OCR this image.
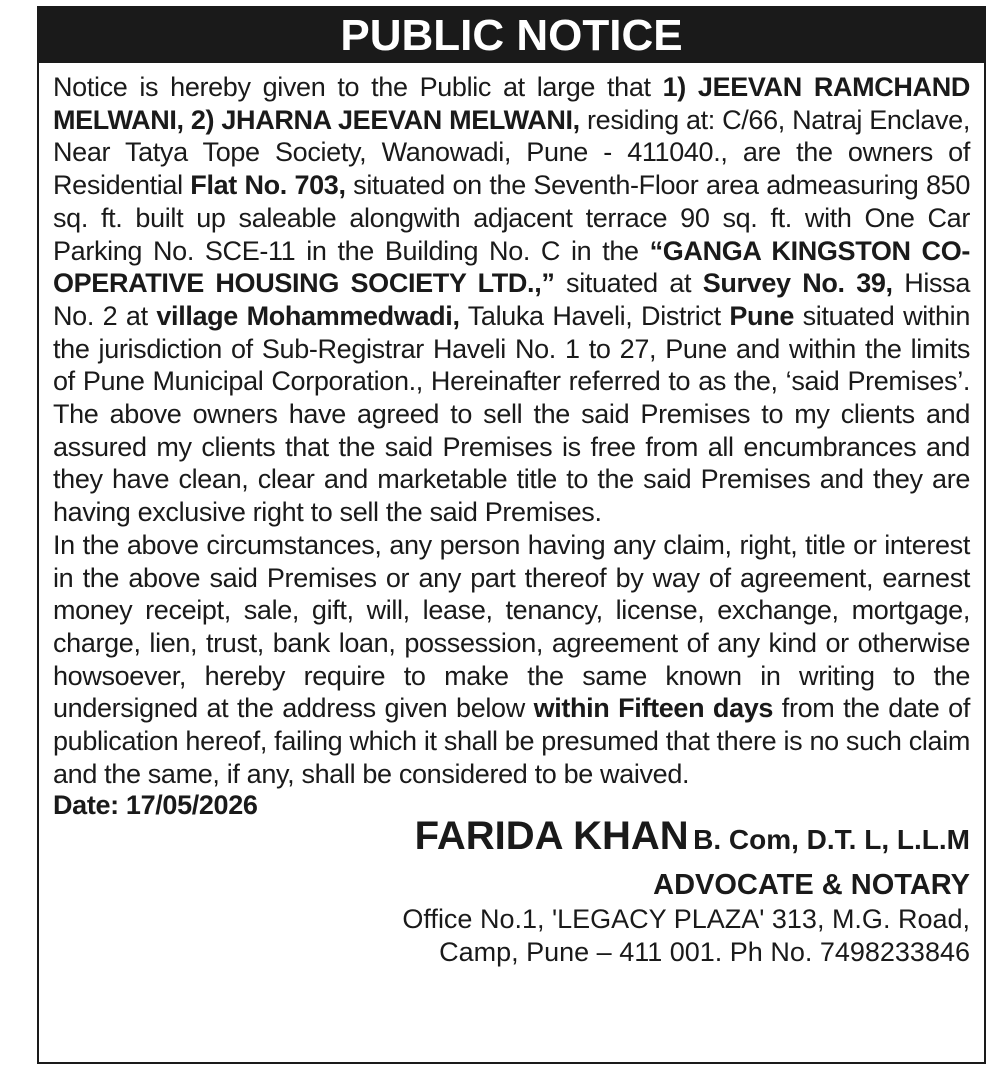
PUBLIC NOTICE

Notice is hereby given to the Public at large that 1) JEEVAN RAMCHAND MELWANI, 2) JHARNA JEEVAN MELWANI, residing at: C/66, Natraj Enclave, Near Tatya Tope Society, Wanowadi, Pune - 411040., are the owners of Residential Flat No. 703, situated on the Seventh-Floor area admeasuring 850 sq. ft. built up saleable alongwith adjacent terrace 90 sq. ft. with One Car Parking No. SCE-11 in the Building No. C in the “GANGA KINGSTON CO-OPERATIVE HOUSING SOCIETY LTD.,” situated at Survey No. 39, Hissa No. 2 at village Mohammedwadi, Taluka Haveli, District Pune situated within the jurisdiction of Sub-Registrar Haveli No. 1 to 27, Pune and within the limits of Pune Municipal Corporation., Hereinafter referred to as the, ‘said Premises’. The above owners have agreed to sell the said Premises to my clients and assured my clients that the said Premises is free from all encumbrances and they have clean, clear and marketable title to the said Premises and they are having exclusive right to sell the said Premises.

In the above circumstances, any person having any claim, right, title or interest in the above said Premises or any part thereof by way of agreement, earnest money receipt, sale, gift, will, lease, tenancy, license, exchange, mortgage, charge, lien, trust, bank loan, possession, agreement of any kind or otherwise howsoever, hereby require to make the same known in writing to the undersigned at the address given below within Fifteen days from the date of publication hereof, failing which it shall be presumed that there is no such claim and the same, if any, shall be considered to be waived.

Date: 17/05/2026
FARIDA KHAN B. Com, D.T. L, L.L.M
ADVOCATE & NOTARY
Office No.1, 'LEGACY PLAZA' 313, M.G. Road,
Camp, Pune – 411 001. Ph No. 7498233846
